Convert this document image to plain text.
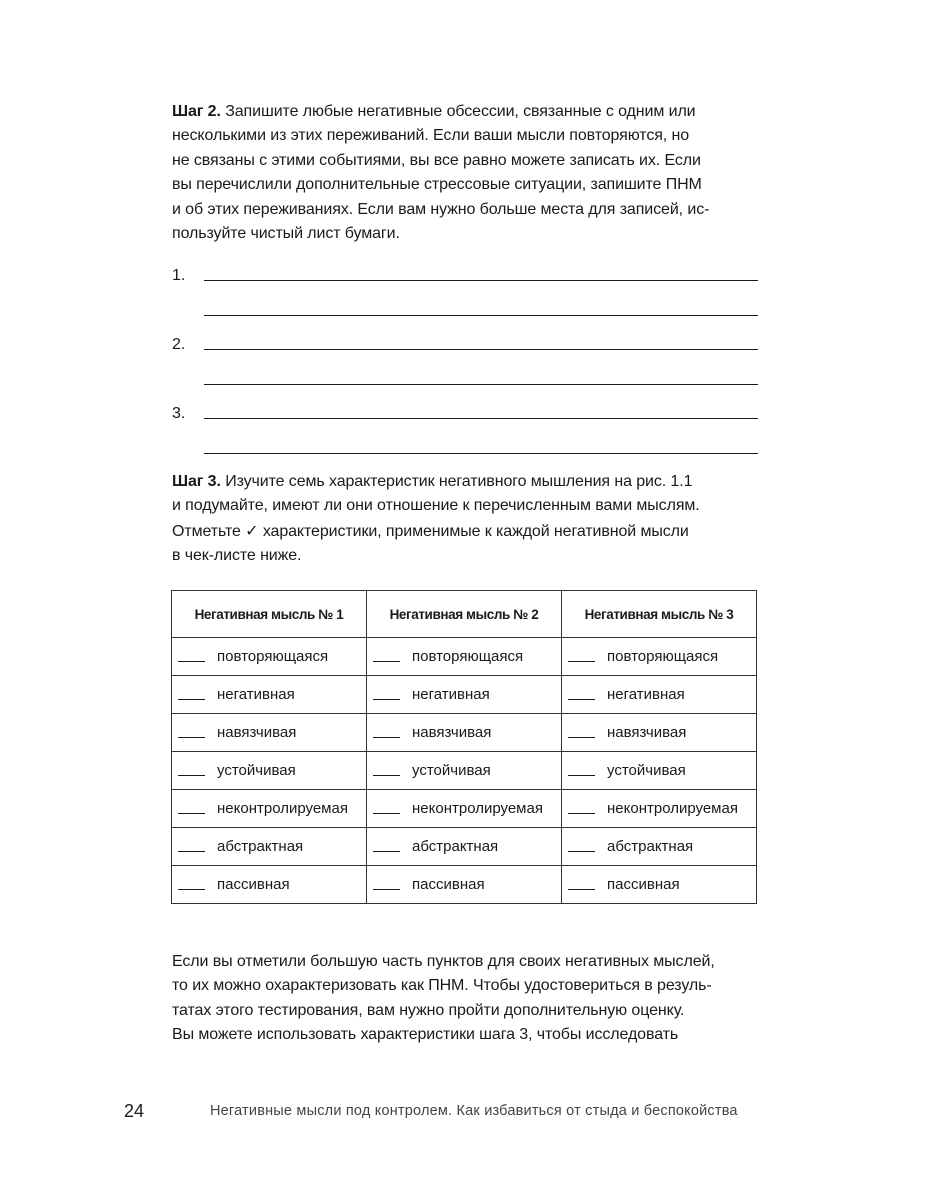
Шаг 2. Запишите любые негативные обсессии, связанные с одним или
несколькими из этих переживаний. Если ваши мысли повторяются, но
не связаны с этими событиями, вы все равно можете записать их. Если
вы перечислили дополнительные стрессовые ситуации, запишите ПНМ
и об этих переживаниях. Если вам нужно больше места для записей, ис-
пользуйте чистый лист бумаги.

1.
2.
3.

Шаг 3. Изучите семь характеристик негативного мышления на рис. 1.1
и подумайте, имеют ли они отношение к перечисленным вами мыслям.
Отметьте ✓ характеристики, применимые к каждой негативной мысли
в чек-листе ниже.

Негативная мысль № 1	Негативная мысль № 2	Негативная мысль № 3

повторяющаяся	повторяющаяся	повторяющаяся

негативная	негативная	негативная

навязчивая	навязчивая	навязчивая

устойчивая	устойчивая	устойчивая

неконтролируемая	неконтролируемая	неконтролируемая

абстрактная	абстрактная	абстрактная

пассивная	пассивная	пассивная

Если вы отметили большую часть пунктов для своих негативных мыслей,
то их можно охарактеризовать как ПНМ. Чтобы удостовериться в резуль-
татах этого тестирования, вам нужно пройти дополнительную оценку.
Вы можете использовать характеристики шага 3, чтобы исследовать

24	Негативные мысли под контролем. Как избавиться от стыда и беспокойства
